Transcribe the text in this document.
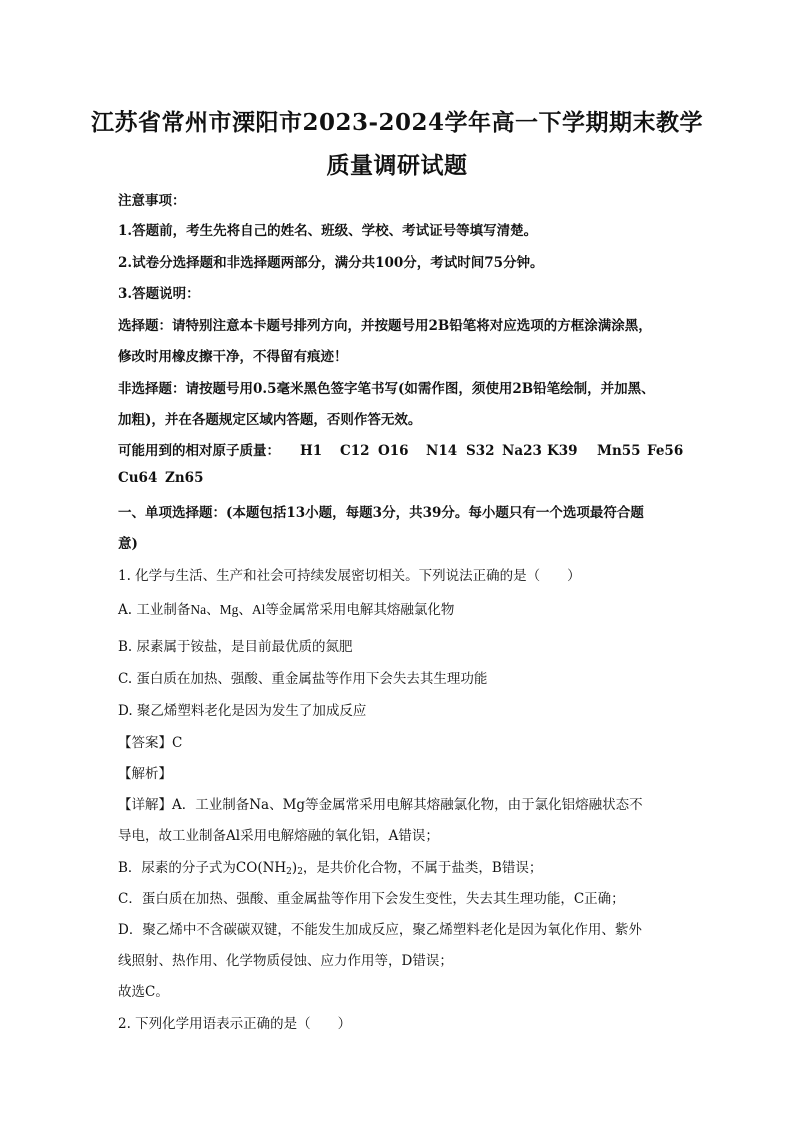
江苏省常州市溧阳市2023-2024学年高一下学期期末教学
质量调研试题
注意事项：
1.答题前，考生先将自己的姓名、班级、学校、考试证号等填写清楚。
2.试卷分选择题和非选择题两部分，满分共100分，考试时间75分钟。
3.答题说明：
选择题：请特别注意本卡题号排列方向，并按题号用2B铅笔将对应选项的方框涂满涂黑，
修改时用橡皮擦干净，不得留有痕迹！
非选择题：请按题号用0.5毫米黑色签字笔书写(如需作图，须使用2B铅笔绘制，并加黑、
加粗)，并在各题规定区域内答题，否则作答无效。
可能用到的相对原子质量： H1 C12 O16 N14 S32 Na23 K39 Mn55 Fe56
Cu64 Zn65
一、单项选择题：(本题包括13小题，每题3分，共39分。每小题只有一个选项最符合题
意)
1. 化学与生活、生产和社会可持续发展密切相关。下列说法正确的是（　　）
A. 工业制备Na、Mg、Al等金属常采用电解其熔融氯化物
B. 尿素属于铵盐，是目前最优质的氮肥
C. 蛋白质在加热、强酸、重金属盐等作用下会失去其生理功能
D. 聚乙烯塑料老化是因为发生了加成反应
【答案】C
【解析】
【详解】A．工业制备Na、Mg等金属常采用电解其熔融氯化物，由于氯化铝熔融状态不
导电，故工业制备Al采用电解熔融的氧化铝，A错误；
B．尿素的分子式为$CO(NH_2)_2$，是共价化合物，不属于盐类，B错误；
C．蛋白质在加热、强酸、重金属盐等作用下会发生变性，失去其生理功能，C正确；
D．聚乙烯中不含碳碳双键，不能发生加成反应，聚乙烯塑料老化是因为氧化作用、紫外
线照射、热作用、化学物质侵蚀、应力作用等，D错误；
故选C。
2. 下列化学用语表示正确的是（　　）
